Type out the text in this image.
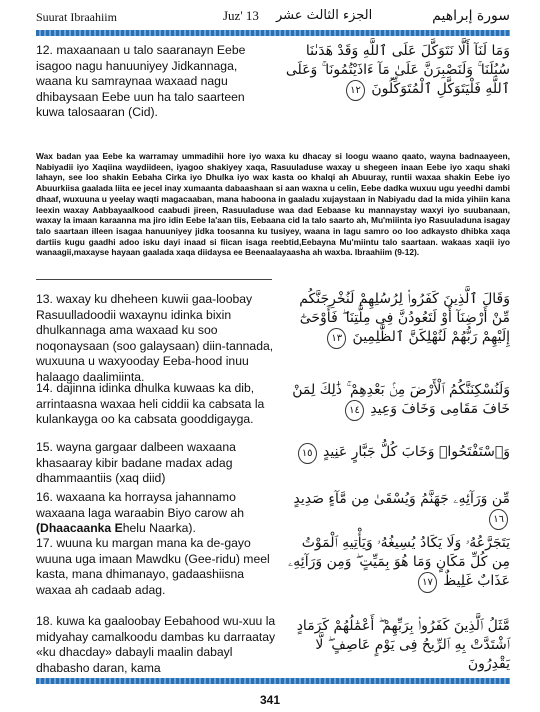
Suurat Ibraahiim	Juz' 13 الجزء الثالث عشر	سورة إبراهيم
12. maxaanaan u talo saaranayn Eebe isagoo nagu hanuuniyey Jidkannaga, waana ku samraynaa waxaad nagu dhibaysaan Eebe uun ha talo saarteen kuwa talosaaran (Cid).
وَمَا لَنَآ أَلَّا نَتَوَكَّلَ عَلَى ٱللَّهِ وَقَدْ هَدَىٰنَا سُبُلَنَا ۚ وَلَنَصْبِرَنَّ عَلَىٰ مَآ ءَاذَيْتُمُونَا ۚ وَعَلَى ٱللَّهِ فَلْيَتَوَكَّلِ ٱلْمُتَوَكِّلُونَ ١٢
Wax badan yaa Eebe ka warramay ummadihii hore iyo waxa ku dhacay si loogu waano qaato, wayna badnaayeen, Nabiyadii iyo Xaqiina waydiideen, iyagoo shakiyey xaqa, Rasuuladuse waxay u shegeen inaan Eebe iyo xaqu shaki lahayn, see loo shakin Eebaha Cirka iyo Dhulka iyo wax kasta oo khalqi ah Abuuray, runtii waxaa shakin Eebe iyo Abuurkiisa gaalada liita ee jecel inay xumaanta dabaashaan si aan waxna u celin, Eebe dadka wuxuu ugu yeedhi dambi dhaaf, wuxuuna u yeelay waqti magacaaban, mana haboona in gaaladu xujaystaan in Nabiyadu dad la mida yihiin kana leexin waxay Aabbayaalkood caabudi jireen, Rasuuladuse waa dad Eebaase ku mannaystay waxyi iyo suubanaan, waxay la imaan karaanna ma jiro idin Eebe la'aan tiis, Eebaana cid la talo saarto ah, Mu'miiinta iyo Rasuuladuna isagay talo saartaan illeen isagaa hanuuniyey jidka toosanna ku tusiyey, waana in lagu samro oo loo adkaysto dhibka xaqa dartiis kugu gaadhi adoo isku dayi inaad si fiican isaga reebtid,Eebayna Mu'miintu talo saartaan. wakaas xaqii iyo wanaagii,maxayse hayaan gaalada xaqa diidaysa ee Beenaalayaasha ah waxba. Ibraahiim (9-12).
13. waxay ku dheheen kuwii gaa-loobay Rasuulladoodii waxaynu idinka bixin dhulkannaga ama waxaad ku soo noqonaysaan (soo galaysaan) diin-tannada, wuxuuna u waxyooday Eeba-hood inuu halaago daalimiinta.
وَقَالَ ٱلَّذِينَ كَفَرُوا۟ لِرُسُلِهِمْ لَنُخْرِجَنَّكُم مِّنْ أَرْضِنَآ أَوْ لَتَعُودُنَّ فِى مِلَّتِنَا ۖ فَأَوْحَىٰٓ إِلَيْهِمْ رَبُّهُمْ لَنُهْلِكَنَّ ٱلظَّٰلِمِينَ ١٣
14. dajinna idinka dhulka kuwaas ka dib, arrintaasna waxaa heli ciddii ka cabsata la kulankayga oo ka cabsata gooddigayga.
وَلَنُسْكِنَنَّكُمُ ٱلْأَرْضَ مِنۢ بَعْدِهِمْ ۚ ذَٰلِكَ لِمَنْ خَافَ مَقَامِى وَخَافَ وَعِيدِ ١٤
15. wayna gargaar dalbeen waxaana khasaaray kibir badane madax adag dhammaantiis (xaq diid)
وَٱسْتَفْتَحُوا۟ وَخَابَ كُلُّ جَبَّارٍ عَنِيدٍ ١٥
16. waxaana ka horraysa jahannamo waxaana laga waraabin Biyo carow ah (Dhaacaanka Ehelu Naarka).
مِّن وَرَآئِهِۦ جَهَنَّمُ وَيُسْقَىٰ مِن مَّآءٍ صَدِيدٍ ١٦
17. wuuna ku margan mana ka de-gayo wuuna uga imaan Mawdku (Gee-ridu) meel kasta, mana dhimanayo, gadaashiisna waxaa ah cadaab adag.
يَتَجَرَّعُهُۥ وَلَا يَكَادُ يُسِيغُهُۥ وَيَأْتِيهِ ٱلْمَوْتُ مِن كُلِّ مَكَانٍ وَمَا هُوَ بِمَيِّتٍ ۖ وَمِن وَرَآئِهِۦ عَذَابٌ غَلِيظٌ ١٧
18. kuwa ka gaaloobay Eebahood wu-xuu la midyahay camalkoodu dambas ku darraatay «ku dhacday» dabayli maalin dabayl dhabasho daran, kama
مَّثَلُ ٱلَّذِينَ كَفَرُوا۟ بِرَبِّهِمْ ۖ أَعْمَٰلُهُمْ كَرَمَادٍ ٱشْتَدَّتْ بِهِ ٱلرِّيحُ فِى يَوْمٍ عَاصِفٍ ۖ لَّا يَقْدِرُونَ
341
